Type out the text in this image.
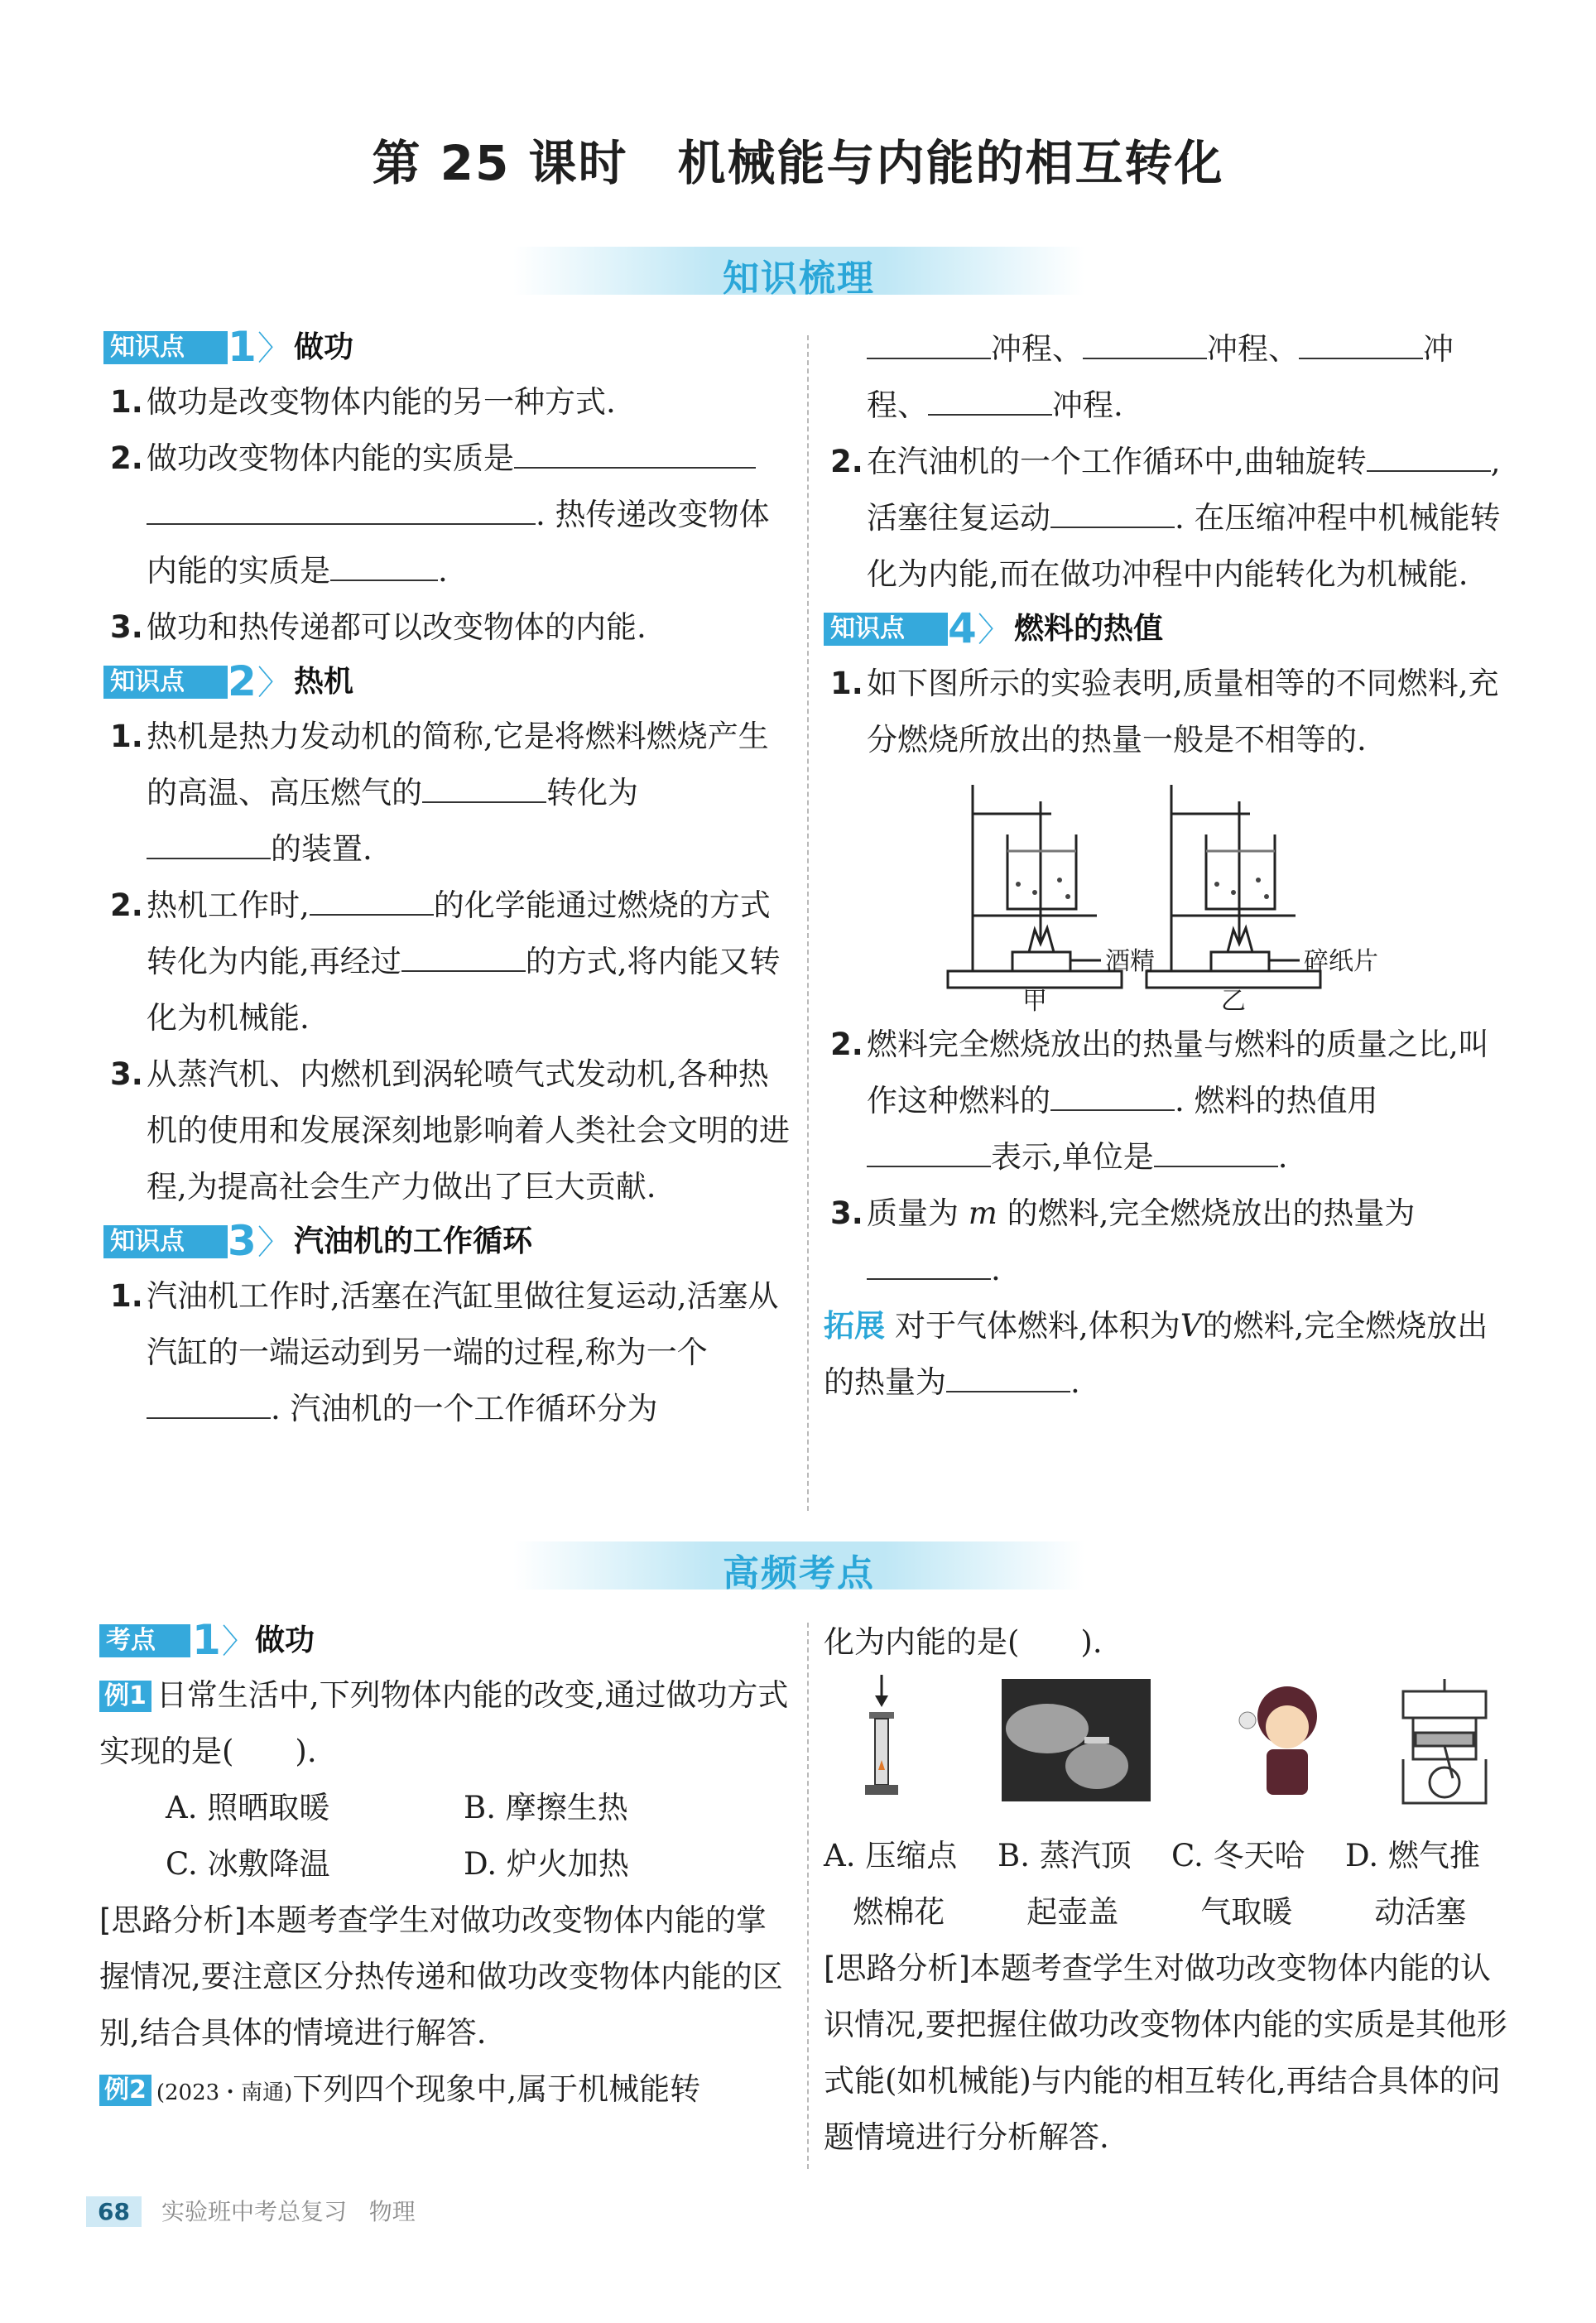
第 25 课时 机械能与内能的相互转化
知识梳理
知识点	1 〉 做功

1. 做功是改变物体内能的另一种方式.

2. 做功改变物体内能的实质是
. 热传递改变物体内能的实质是	.

3. 做功和热传递都可以改变物体的内能.

知识点	2 〉 热机

1. 热机是热力发动机的简称,它是将燃料燃烧产生的高温、高压燃气的	转化为
的装置.

2. 热机工作时,	的化学能通过燃烧的方式转化为内能,再经过	的方式,将内能又转化为机械能.

3. 从蒸汽机、内燃机到涡轮喷气式发动机,各种热机的使用和发展深刻地影响着人类社会文明的进程,为提高社会生产力做出了巨大贡献.

知识点	3 〉 汽油机的工作循环

1. 汽油机工作时,活塞在汽缸里做往复运动,活塞从汽缸的一端运动到另一端的过程,称为一个. 汽油机的一个工作循环分为

冲程、	冲程、	冲程、	冲程.

2. 在汽油机的一个工作循环中,曲轴旋转	,活塞往复运动	. 在压缩冲程中机械能转化为内能,而在做功冲程中内能转化为机械能.

知识点	4 〉 燃料的热值

1. 如下图所示的实验表明,质量相等的不同燃料,充分燃烧所放出的热量一般是不相等的.

酒精	碎纸片
甲	乙

2. 燃料完全燃烧放出的热量与燃料的质量之比,叫作这种燃料的	. 燃料的热值用
表示,单位是	.

3. 质量为 m 的燃料,完全燃烧放出的热量为.

拓展 对于气体燃料,体积为V的燃料,完全燃烧放出的热量为	.

高频考点
考点 1 〉 做功

例1 日常生活中,下列物体内能的改变,通过做功方式实现的是(　　).

A. 照晒取暖	B. 摩擦生热
C. 冰敷降温	D. 炉火加热

[思路分析]本题考查学生对做功改变物体内能的掌握情况,要注意区分热传递和做功改变物体内能的区别,结合具体的情境进行解答.

例2 (2023・南通)下列四个现象中,属于机械能转

化为内能的是(　　).

A. 压缩点
燃棉花
B. 蒸汽顶
起壶盖
C. 冬天哈
气取暖
D. 燃气推
动活塞

[思路分析]本题考查学生对做功改变物体内能的认识情况,要把握住做功改变物体内能的实质是其他形式能(如机械能)与内能的相互转化,再结合具体的问题情境进行分析解答.

68 实验班中考总复习 物理
